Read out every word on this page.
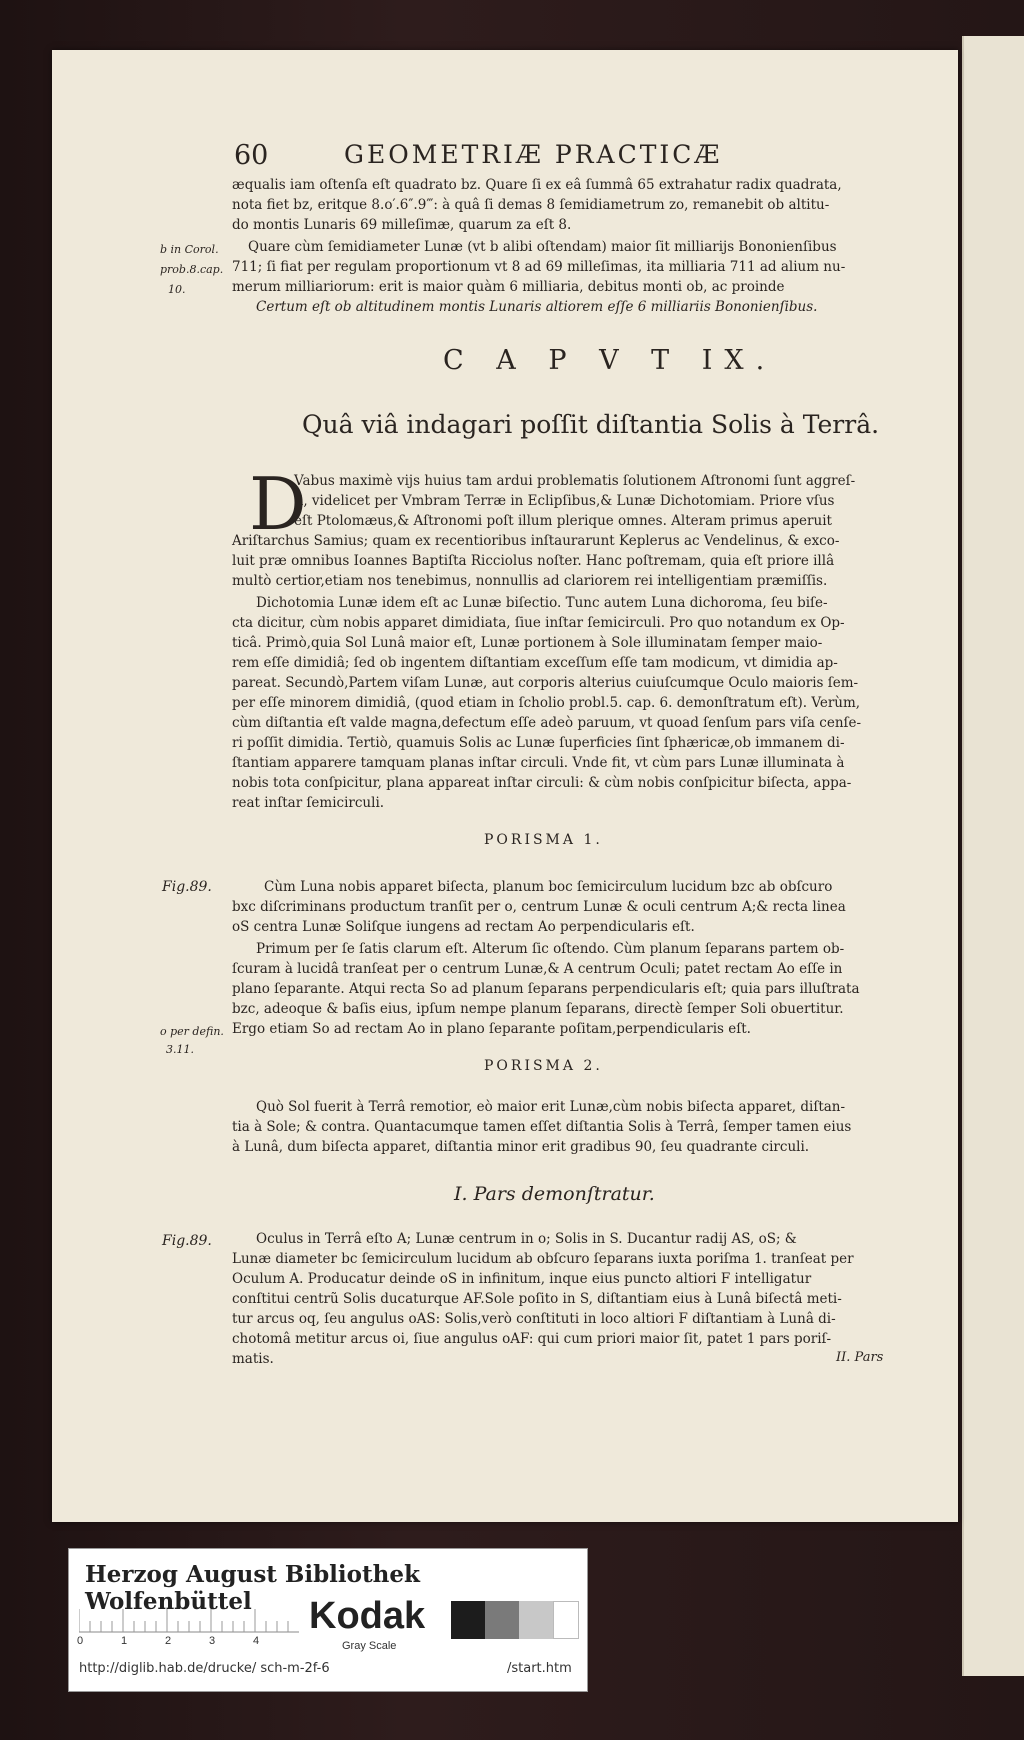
60	GEOMETRIÆ PRACTICÆ
æqualis iam oſtenſa eſt quadrato bz. Quare ſi ex eâ ſummâ 65 extrahatur radix quadrata,
nota fiet bz, eritque 8.o′.6″.9‴: à quâ ſi demas 8 ſemidiametrum zo, remanebit ob altitu-
do montis Lunaris 69 milleſimæ, quarum za eſt 8.
Quare cùm ſemidiameter Lunæ (vt b alibi oſtendam) maior ſit milliarijs Bononienſibus
711; ſi fiat per regulam proportionum vt 8 ad 69 milleſimas, ita milliaria 711 ad alium nu-
merum milliariorum: erit is maior quàm 6 milliaria, debitus monti ob, ac proinde
Certum eſt ob altitudinem montis Lunaris altiorem eſſe 6 milliariis Bononienſibus.
b in Corol.
prob.8.cap.
10.
C A P V T IX.
Quâ viâ indagari poſſit diſtantia Solis à Terrâ.
D
Vabus maximè vijs huius tam ardui problematis ſolutionem Aſtronomi ſunt aggreſ-
ſi, videlicet per Vmbram Terræ in Eclipſibus,& Lunæ Dichotomiam. Priore vſus
eſt Ptolomæus,& Aſtronomi poſt illum plerique omnes. Alteram primus aperuit
Ariſtarchus Samius; quam ex recentioribus inſtaurarunt Keplerus ac Vendelinus, & exco-
luit præ omnibus Ioannes Baptiſta Ricciolus noſter. Hanc poſtremam, quia eſt priore illâ
multò certior,etiam nos tenebimus, nonnullis ad clariorem rei intelligentiam præmiſſis.
Dichotomia Lunæ idem eſt ac Lunæ biſectio. Tunc autem Luna dichoroma, ſeu biſe-
cta dicitur, cùm nobis apparet dimidiata, ſiue inſtar ſemicirculi. Pro quo notandum ex Op-
ticâ. Primò,quia Sol Lunâ maior eſt, Lunæ portionem à Sole illuminatam ſemper maio-
rem eſſe dimidiâ; ſed ob ingentem diſtantiam exceſſum eſſe tam modicum, vt dimidia ap-
pareat. Secundò,Partem viſam Lunæ, aut corporis alterius cuiuſcumque Oculo maioris ſem-
per eſſe minorem dimidiâ, (quod etiam in ſcholio probl.5. cap. 6. demonſtratum eſt). Verùm,
cùm diſtantia eſt valde magna,defectum eſſe adeò paruum, vt quoad ſenſum pars viſa cenſe-
ri poſſit dimidia. Tertiò, quamuis Solis ac Lunæ ſuperficies ſint ſphæricæ,ob immanem di-
ſtantiam apparere tamquam planas inſtar circuli. Vnde fit, vt cùm pars Lunæ illuminata à
nobis tota conſpicitur, plana appareat inſtar circuli: & cùm nobis conſpicitur biſecta, appa-
reat inſtar ſemicirculi.
PORISMA 1.
Fig.89.	Cùm Luna nobis apparet biſecta, planum boc ſemicirculum lucidum bzc ab obſcuro
bxc diſcriminans productum tranſit per o, centrum Lunæ & oculi centrum A;& recta linea
oS centra Lunæ Soliſque iungens ad rectam Ao perpendicularis eſt.
Primum per ſe ſatis clarum eſt. Alterum ſic oſtendo. Cùm planum ſeparans partem ob-
ſcuram à lucidâ tranſeat per o centrum Lunæ,& A centrum Oculi; patet rectam Ao eſſe in
plano ſeparante. Atqui recta So ad planum ſeparans perpendicularis eſt; quia pars illuſtrata
bzc, adeoque & baſis eius, ipſum nempe planum ſeparans, directè ſemper Soli obuertitur.
Ergo etiam So ad rectam Ao in plano ſeparante poſitam,perpendicularis eſt.
o per defin.
3.11.
PORISMA 2.
Quò Sol fuerit à Terrâ remotior, eò maior erit Lunæ,cùm nobis biſecta apparet, diſtan-
tia à Sole; & contra. Quantacumque tamen eſſet diſtantia Solis à Terrâ, ſemper tamen eius
à Lunâ, dum biſecta apparet, diſtantia minor erit gradibus 90, ſeu quadrante circuli.
I. Pars demonſtratur.
Fig.89.	Oculus in Terrâ eſto A; Lunæ centrum in o; Solis in S. Ducantur radij AS, oS; &
Lunæ diameter bc ſemicirculum lucidum ab obſcuro ſeparans iuxta poriſma 1. tranſeat per
Oculum A. Producatur deinde oS in infinitum, inque eius puncto altiori F intelligatur
conſtitui centrũ Solis ducaturque AF.Sole poſito in S, diſtantiam eius à Lunâ biſectâ meti-
tur arcus oq, ſeu angulus oAS: Solis,verò conſtituti in loco altiori F diſtantiam à Lunâ di-
chotomâ metitur arcus oi, ſiue angulus oAF: qui cum priori maior ſit, patet 1 pars poriſ-
matis.	II. Pars
Herzog August Bibliothek Wolfenbüttel
0	1	2	3	4
Kodak
Gray Scale
http://diglib.hab.de/drucke/ sch-m-2f-6	/start.htm
